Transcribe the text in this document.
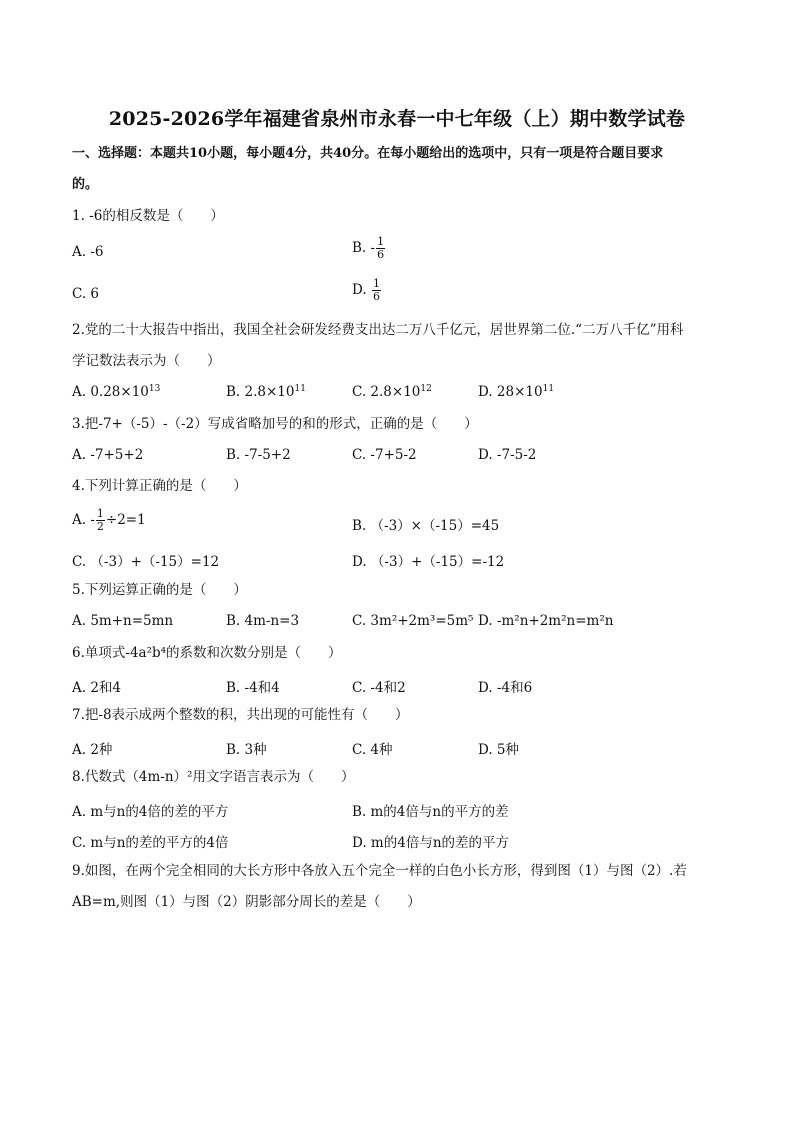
2025-2026学年福建省泉州市永春一中七年级（上）期中数学试卷
一、选择题：本题共10小题，每小题4分，共40分。在每小题给出的选项中，只有一项是符合题目要求
的。
1. -6的相反数是（　　）
A. -6	B. - $\frac{1}{6}$
C. 6	D. $\frac{1}{6}$
2.党的二十大报告中指出，我国全社会研发经费支出达二万八千亿元，居世界第二位.“二万八千亿”用科
学记数法表示为（　　）
A. $0.28\times 10^{13}$	B. $2.8\times 10^{11}$	C. $2.8\times 10^{12}$	D. $28\times 10^{11}$
3.把-7+（-5）-（-2）写成省略加号的和的形式，正确的是（　　）
A. -7+5+2	B. -7-5+2	C. -7+5-2	D. -7-5-2
4.下列计算正确的是（　　）
A. - $\frac{1}{2} \div 2=1$	B. （-3）×（-15）=45
C. （-3）+（-15）=12	D. （-3）+（-15）=-12
5.下列运算正确的是（　　）
A. 5m+n=5mn	B. 4m-n=3	C. 3m²+2m³=5m⁵ D. -m²n+2m²n=m²n
6.单项式-4a²b⁴的系数和次数分别是（　　）
A. 2和4	B. -4和4	C. -4和2	D. -4和6
7.把-8表示成两个整数的积，共出现的可能性有（　　）
A. 2种	B. 3种	C. 4种	D. 5种
8.代数式（4m-n）²用文字语言表示为（　　）
A. m与n的4倍的差的平方	B. m的4倍与n的平方的差
C. m与n的差的平方的4倍	D. m的4倍与n的差的平方
9.如图，在两个完全相同的大长方形中各放入五个完全一样的白色小长方形，得到图（1）与图（2）.若
AB=m,则图（1）与图（2）阴影部分周长的差是（　　）
